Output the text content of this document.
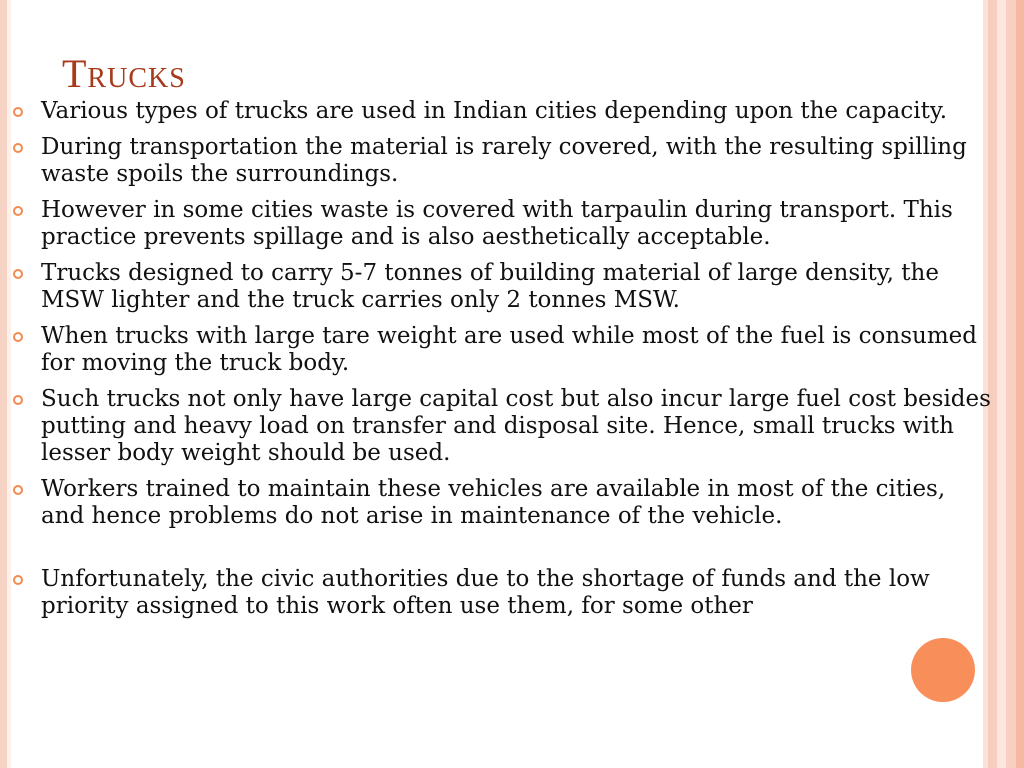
Trucks
Various types of trucks are used in Indian cities depending upon the capacity.
During transportation the material is rarely covered, with the resulting spilling waste spoils the surroundings.
However in some cities waste is covered with tarpaulin during transport. This practice prevents spillage and is also aesthetically acceptable.
Trucks designed to carry 5-7 tonnes of building material of large density, the MSW lighter and the truck carries only 2 tonnes MSW.
When trucks with large tare weight are used while most of the fuel is consumed for moving the truck body.
Such trucks not only have large capital cost but also incur large fuel cost besides putting and heavy load on transfer and disposal site. Hence, small trucks with lesser body weight should be used.
Workers trained to maintain these vehicles are available in most of the cities, and hence problems do not arise in maintenance of the vehicle.
Unfortunately, the civic authorities due to the shortage of funds and the low priority assigned to this work often use them, for some other
